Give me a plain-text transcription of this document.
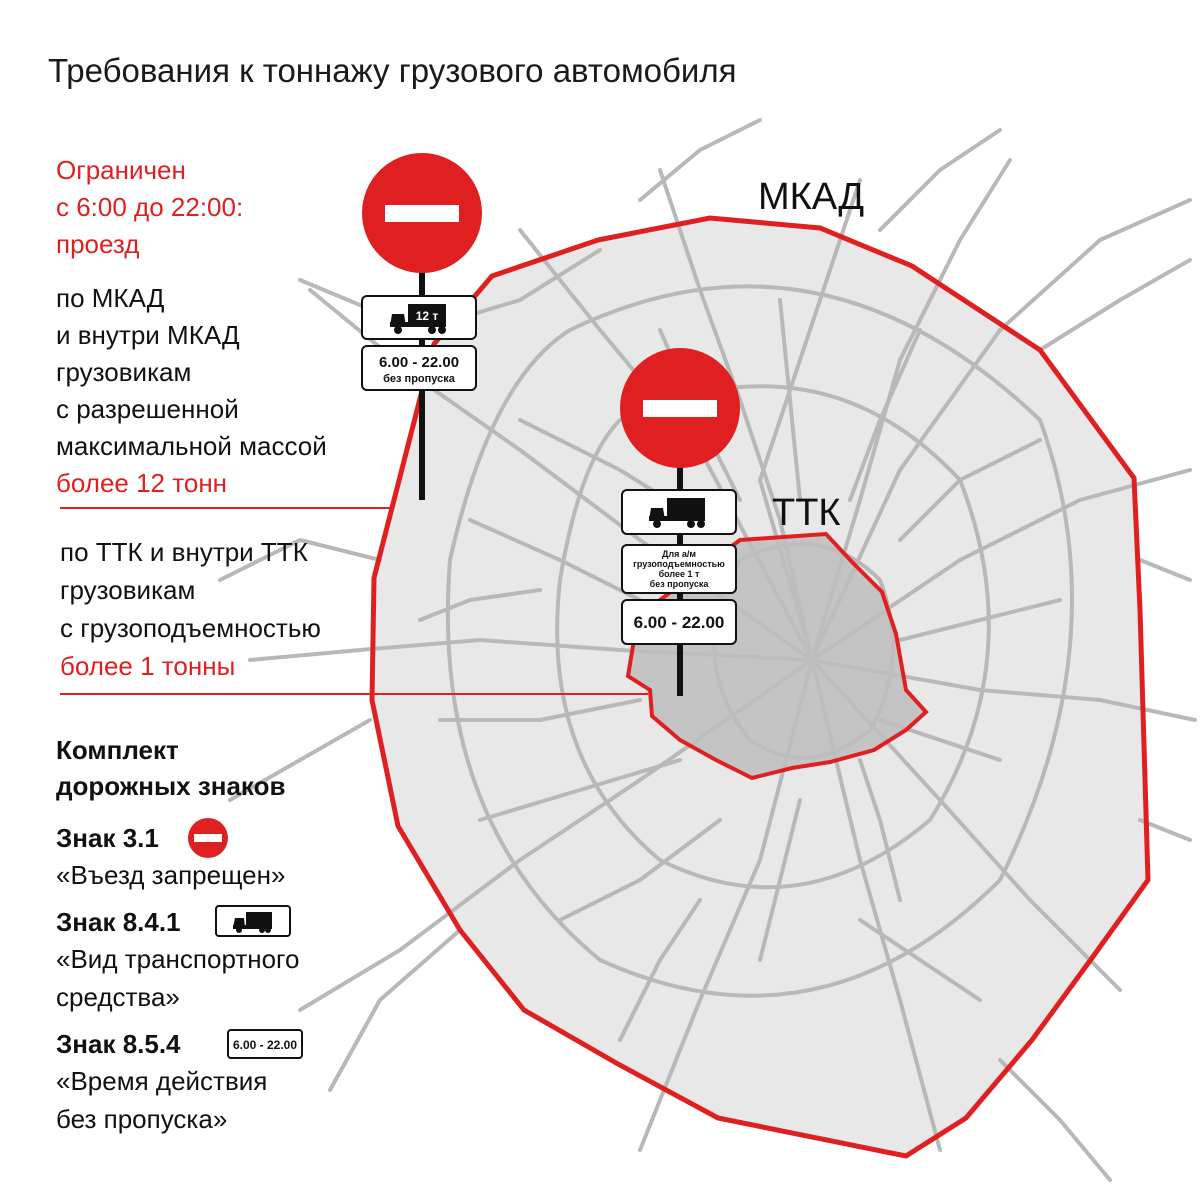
12 т
6.00 - 22.00
без пропуска
Для а/м
грузоподъемностью
более 1 т
без пропуска
6.00 - 22.00
6.00 - 22.00
Требования к тоннажу грузового автомобиля
МКАД
ТТК
Ограничен
с 6:00 до 22:00:
проезд
по МКАД
и внутри МКАД
грузовикам
с разрешенной
максимальной массой
более 12 тонн
по ТТК и внутри ТТК
грузовикам
с грузоподъемностью
более 1 тонны
Комплект
дорожных знаков
Знак 3.1
«Въезд запрещен»
Знак 8.4.1
«Вид транспортного
средства»
Знак 8.5.4
«Время действия
без пропуска»
